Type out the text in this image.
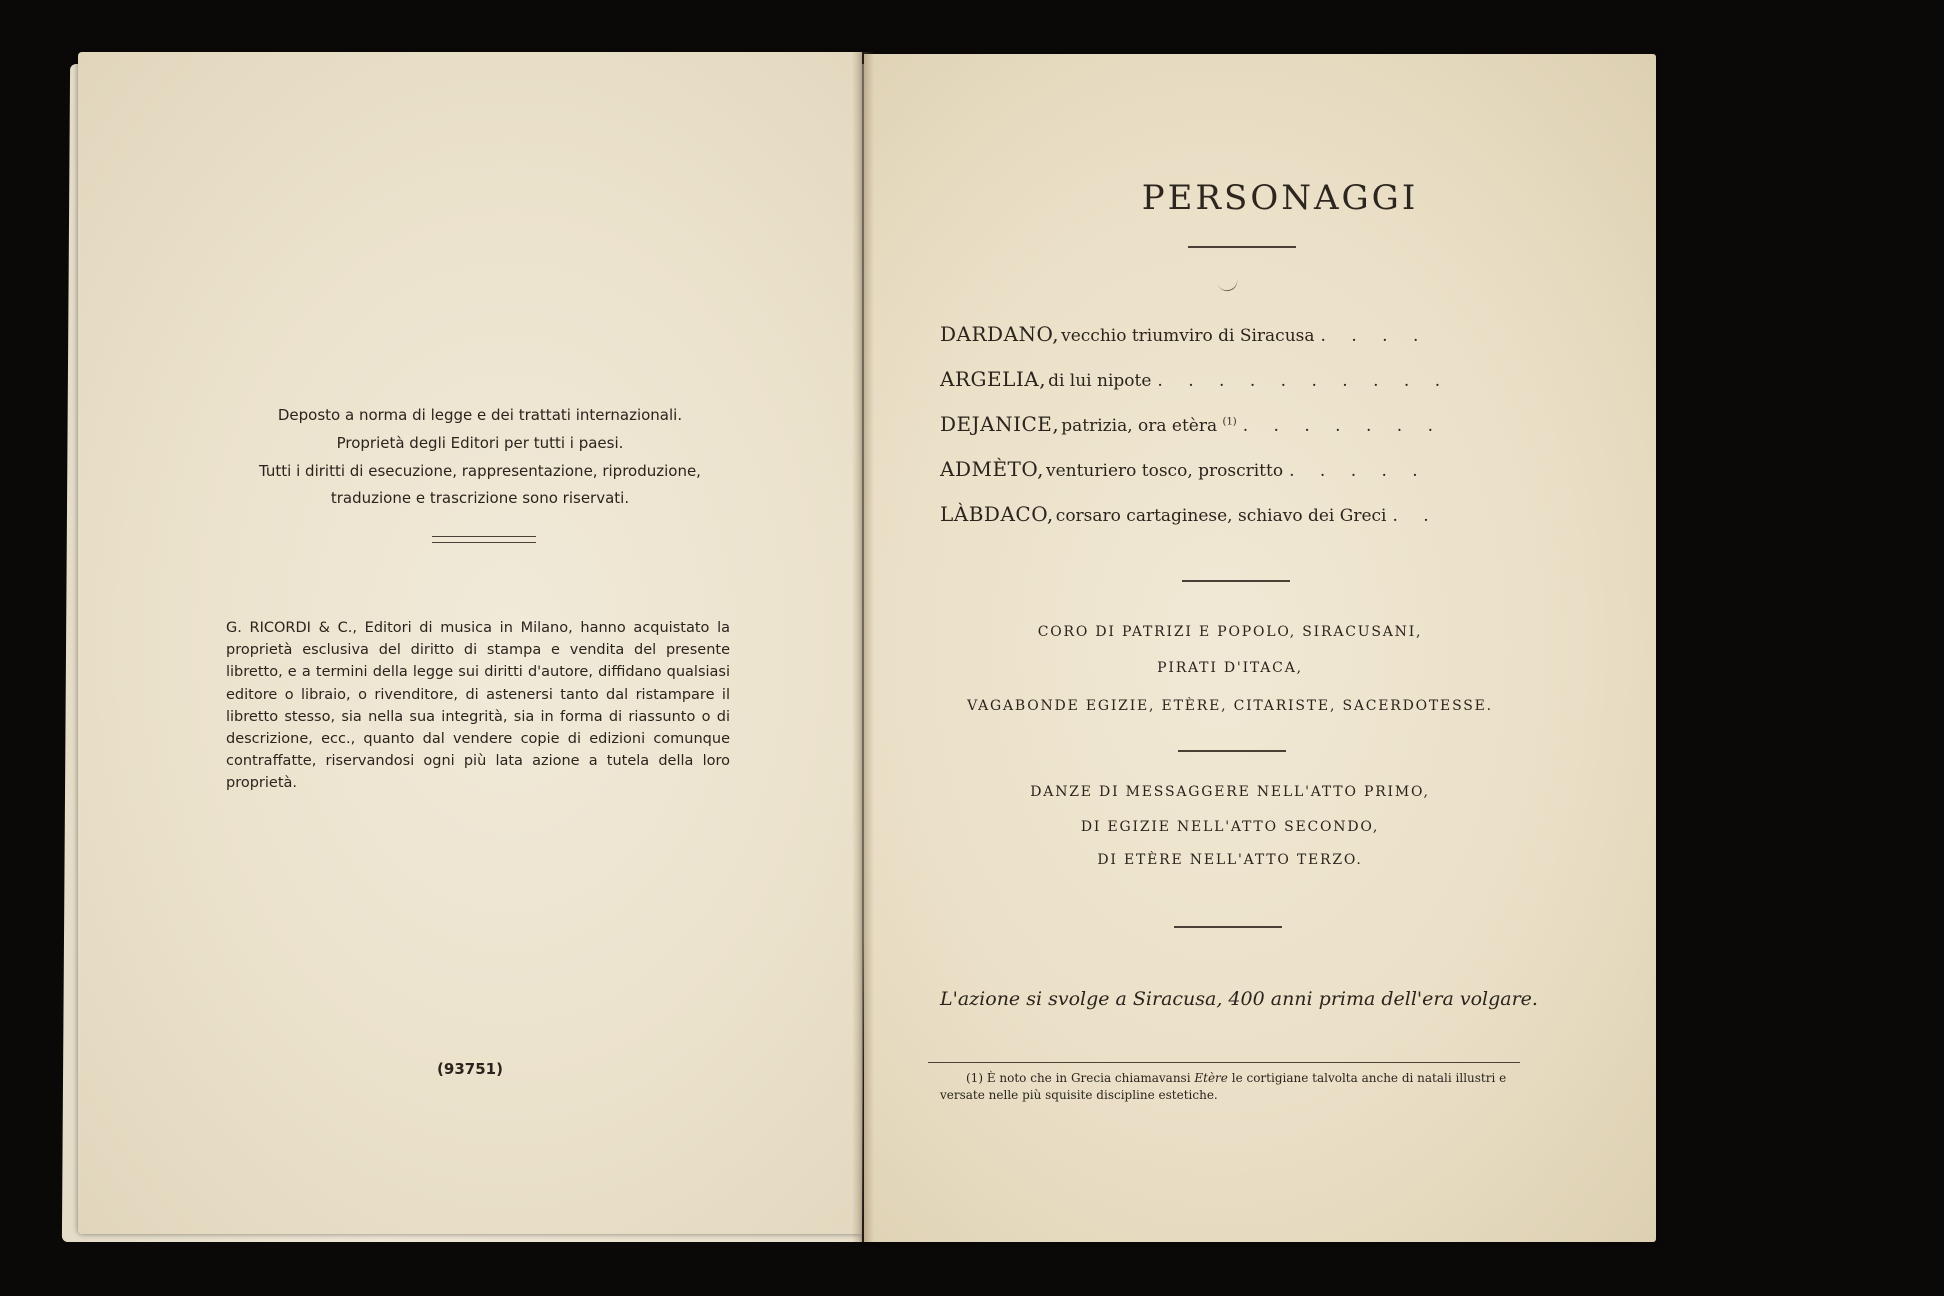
Deposto a norma di legge e dei trattati internazionali.

Proprietà degli Editori per tutti i paesi.

Tutti i diritti di esecuzione, rappresentazione, riproduzione,

traduzione e trascrizione sono riservati.

G. RICORDI & C., Editori di musica in Milano, hanno acquistato la proprietà esclusiva del diritto di stampa e vendita del presente libretto, e a termini della legge sui diritti d'autore, diffidano qualsiasi editore o libraio, o rivenditore, di astenersi tanto dal ristampare il libretto stesso, sia nella sua integrità, sia in forma di riassunto o di descrizione, ecc., quanto dal vendere copie di edizioni comunque contraffatte, riservandosi ogni più lata azione a tutela della loro proprietà.

(93751)

PERSONAGGI

DARDANO, vecchio triumviro di Siracusa
. . .
ARGELIA, di lui nipote
. . .
DEJANICE, patrizia, ora etèra $^{(1)}$
. . .
ADMÈTO, venturiero tosco, proscritto
. . .
LÀBDACO, corsaro cartaginese, schiavo dei Greci
. . .

CORO DI PATRIZI E POPOLO, SIRACUSANI,

PIRATI D'ITACA,

VAGABONDE EGIZIE, ETÈRE, CITARISTE, SACERDOTESSE.

DANZE DI MESSAGGERE NELL'ATTO PRIMO,

DI EGIZIE NELL'ATTO SECONDO,

DI ETÈRE NELL'ATTO TERZO.

L'azione si svolge a Siracusa, 400 anni prima dell'era volgare.

(1) È noto che in Grecia chiamavansi Etère le cortigiane talvolta anche di natali illustri e versate nelle più squisite discipline estetiche.
